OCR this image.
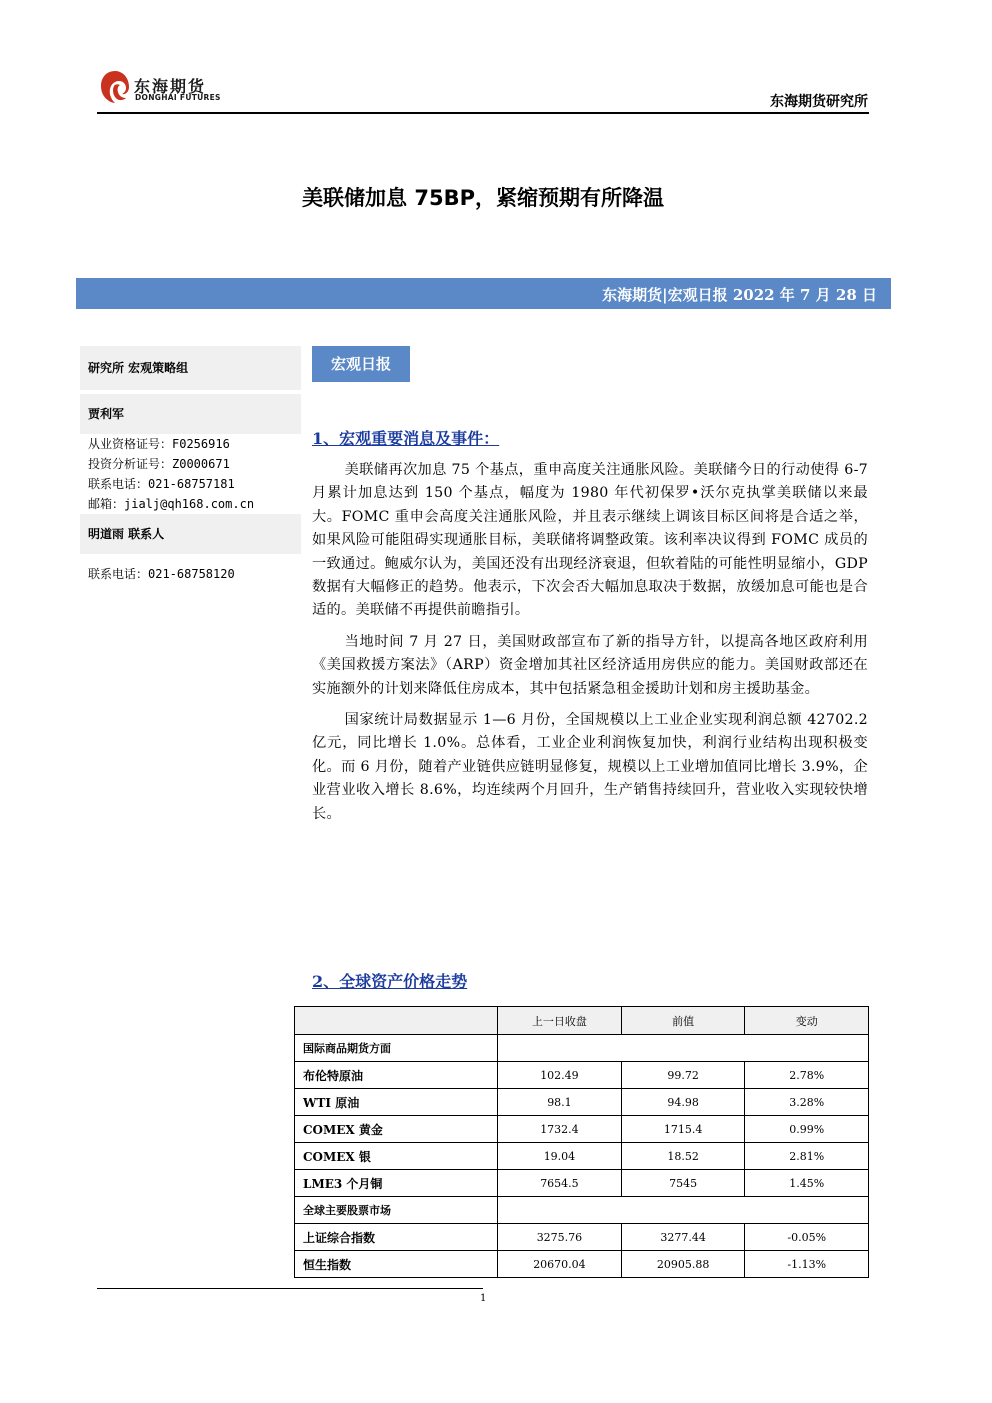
东海期货
DONGHAI FUTURES	东海期货研究所
美联储加息 75BP，紧缩预期有所降温
东海期货|宏观日报 2022 年 7 月 28 日
研究所 宏观策略组
贾利军
从业资格证号：F0256916
投资分析证号：Z0000671
联系电话：021-68757181
邮箱：jialj@qh168.com.cn
明道雨 联系人
联系电话：021-68758120
宏观日报
1、宏观重要消息及事件：

美联储再次加息 75 个基点，重申高度关注通胀风险。美联储今日的行动使得 6-7 月累计加息达到 150 个基点，幅度为 1980 年代初保罗•沃尔克执掌美联储以来最大。FOMC 重申会高度关注通胀风险，并且表示继续上调该目标区间将是合适之举，如果风险可能阻碍实现通胀目标，美联储将调整政策。该利率决议得到 FOMC 成员的一致通过。鲍威尔认为，美国还没有出现经济衰退，但软着陆的可能性明显缩小，GDP 数据有大幅修正的趋势。他表示，下次会否大幅加息取决于数据，放缓加息可能也是合适的。美联储不再提供前瞻指引。

当地时间 7 月 27 日，美国财政部宣布了新的指导方针，以提高各地区政府利用《美国救援方案法》（ARP）资金增加其社区经济适用房供应的能力。美国财政部还在实施额外的计划来降低住房成本，其中包括紧急租金援助计划和房主援助基金。

国家统计局数据显示 1—6 月份，全国规模以上工业企业实现利润总额 42702.2 亿元，同比增长 1.0%。总体看，工业企业利润恢复加快，利润行业结构出现积极变化。而 6 月份，随着产业链供应链明显修复，规模以上工业增加值同比增长 3.9%，企业营业收入增长 8.6%，均连续两个月回升，生产销售持续回升，营业收入实现较快增长。

2、全球资产价格走势
	上一日收盘	前值	变动
国际商品期货方面			
布伦特原油	102.49	99.72	2.78%
WTI 原油	98.1	94.98	3.28%
COMEX 黄金	1732.4	1715.4	0.99%
COMEX 银	19.04	18.52	2.81%
LME3 个月铜	7654.5	7545	1.45%
全球主要股票市场			
上证综合指数	3275.76	3277.44	-0.05%
恒生指数	20670.04	20905.88	-1.13%
1
